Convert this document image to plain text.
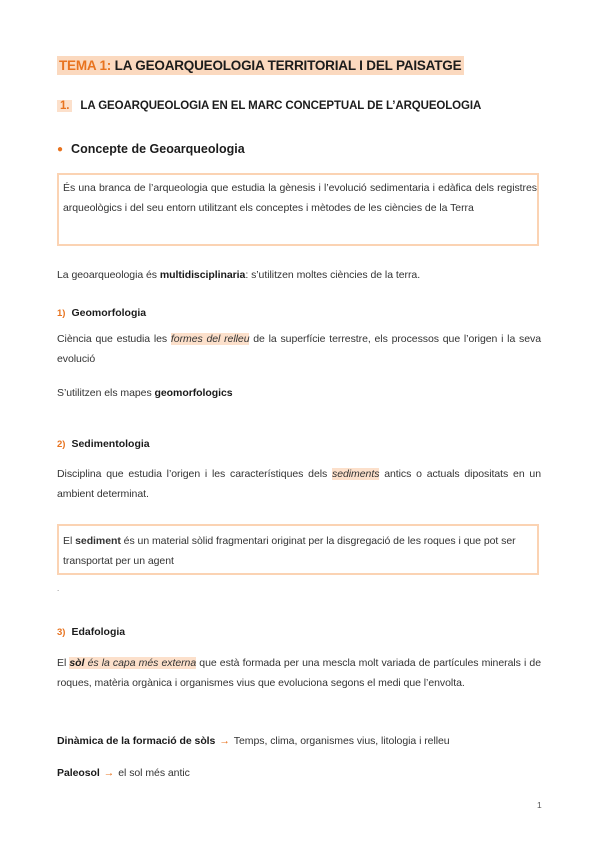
TEMA 1: LA GEOARQUEOLOGIA TERRITORIAL I DEL PAISATGE
1. LA GEOARQUEOLOGIA EN EL MARC CONCEPTUAL DE L’ARQUEOLOGIA
● Concepte de Geoarqueologia
És una branca de l’arqueologia que estudia la gènesis i l’evolució sedimentaria i edàfica dels registres arqueològics i del seu entorn utilitzant els conceptes i mètodes de les ciències de la Terra
La geoarqueologia és multidisciplinaria: s’utilitzen moltes ciències de la terra.
1) Geomorfologia
Ciència que estudia les formes del relleu de la superfície terrestre, els processos que l’origen i la seva evolució
S’utilitzen els mapes geomorfologics
2) Sedimentologia
Disciplina que estudia l’origen i les característiques dels sediments antics o actuals dipositats en un ambient determinat.
El sediment és un material sòlid fragmentari originat per la disgregació de les roques i que pot ser transportat per un agent
.
3) Edafologia
El sòl és la capa més externa que està formada per una mescla molt variada de partícules minerals i de roques, matèria orgànica i organismes vius que evoluciona segons el medi que l’envolta.
Dinàmica de la formació de sòls → Temps, clima, organismes vius, litologia i relleu
Paleosol → el sol més antic
1
